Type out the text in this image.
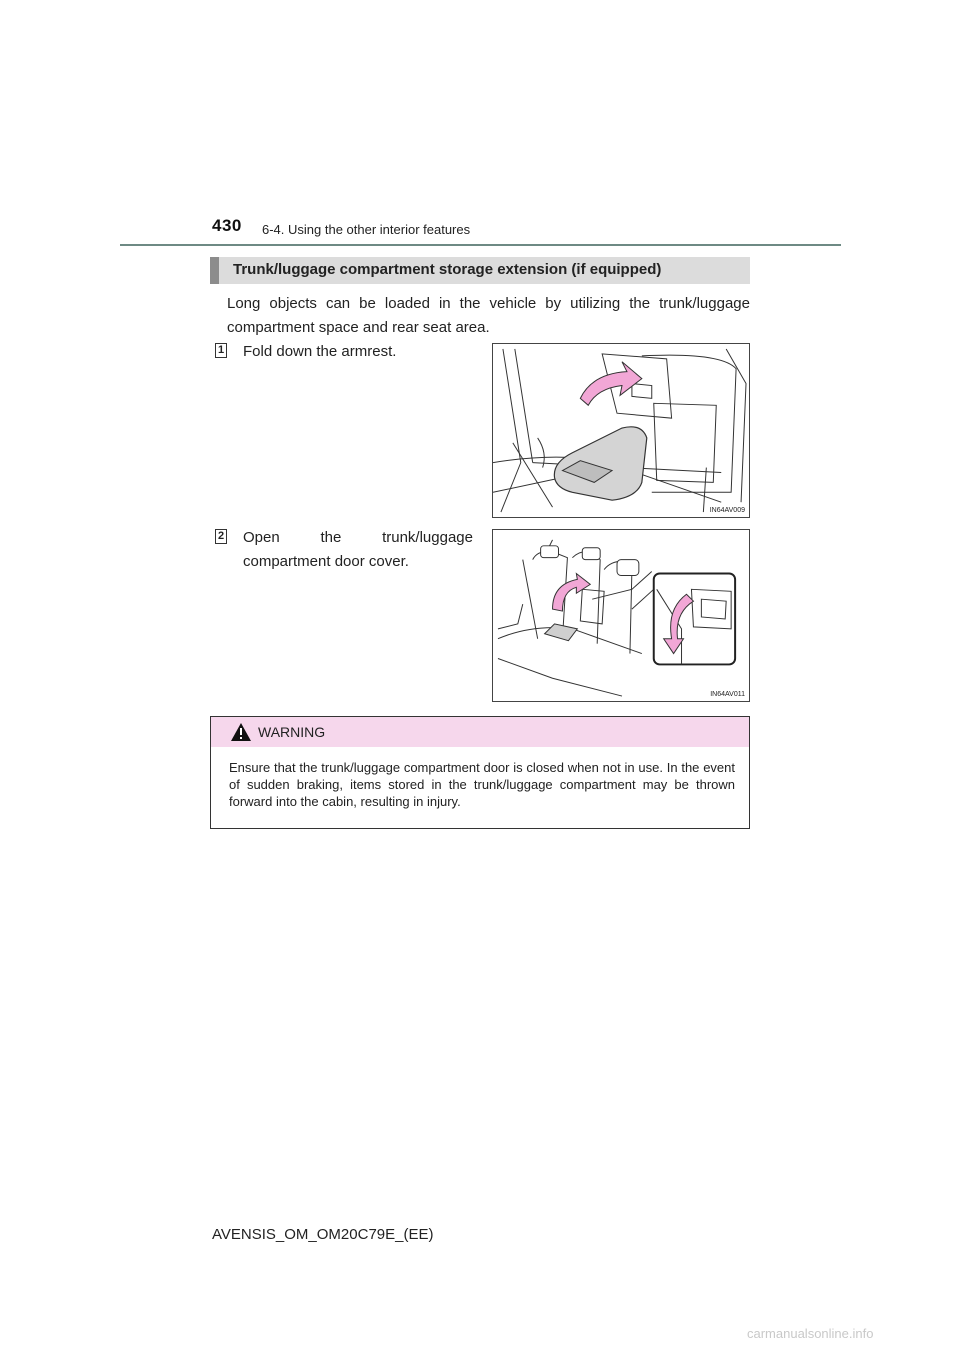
430 6-4. Using the other interior features
Trunk/luggage compartment storage extension (if equipped)
Long objects can be loaded in the vehicle by utilizing the trunk/luggage compartment space and rear seat area.
1 Fold down the armrest.
IN64AV009
2 Open the trunk/luggage compartment door cover.
IN64AV011
WARNING
Ensure that the trunk/luggage compartment door is closed when not in use. In the event of sudden braking, items stored in the trunk/luggage compartment may be thrown forward into the cabin, resulting in injury.
AVENSIS_OM_OM20C79E_(EE)
carmanualsonline.info
